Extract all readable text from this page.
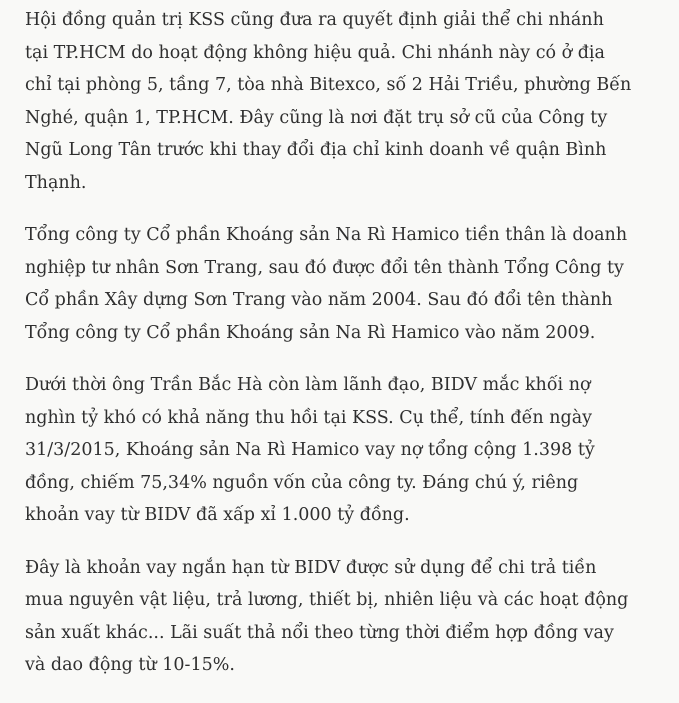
Hội đồng quản trị KSS cũng đưa ra quyết định giải thể chi nhánh
tại TP.HCM do hoạt động không hiệu quả. Chi nhánh này có ở địa
chỉ tại phòng 5, tầng 7, tòa nhà Bitexco, số 2 Hải Triều, phường Bến
Nghé, quận 1, TP.HCM. Đây cũng là nơi đặt trụ sở cũ của Công ty
Ngũ Long Tân trước khi thay đổi địa chỉ kinh doanh về quận Bình
Thạnh.

Tổng công ty Cổ phần Khoáng sản Na Rì Hamico tiền thân là doanh
nghiệp tư nhân Sơn Trang, sau đó được đổi tên thành Tổng Công ty
Cổ phần Xây dựng Sơn Trang vào năm 2004. Sau đó đổi tên thành
Tổng công ty Cổ phần Khoáng sản Na Rì Hamico vào năm 2009.

Dưới thời ông Trần Bắc Hà còn làm lãnh đạo, BIDV mắc khối nợ
nghìn tỷ khó có khả năng thu hồi tại KSS. Cụ thể, tính đến ngày
31/3/2015, Khoáng sản Na Rì Hamico vay nợ tổng cộng 1.398 tỷ
đồng, chiếm 75,34% nguồn vốn của công ty. Đáng chú ý, riêng
khoản vay từ BIDV đã xấp xỉ 1.000 tỷ đồng.

Đây là khoản vay ngắn hạn từ BIDV được sử dụng để chi trả tiền
mua nguyên vật liệu, trả lương, thiết bị, nhiên liệu và các hoạt động
sản xuất khác... Lãi suất thả nổi theo từng thời điểm hợp đồng vay
và dao động từ 10-15%.
